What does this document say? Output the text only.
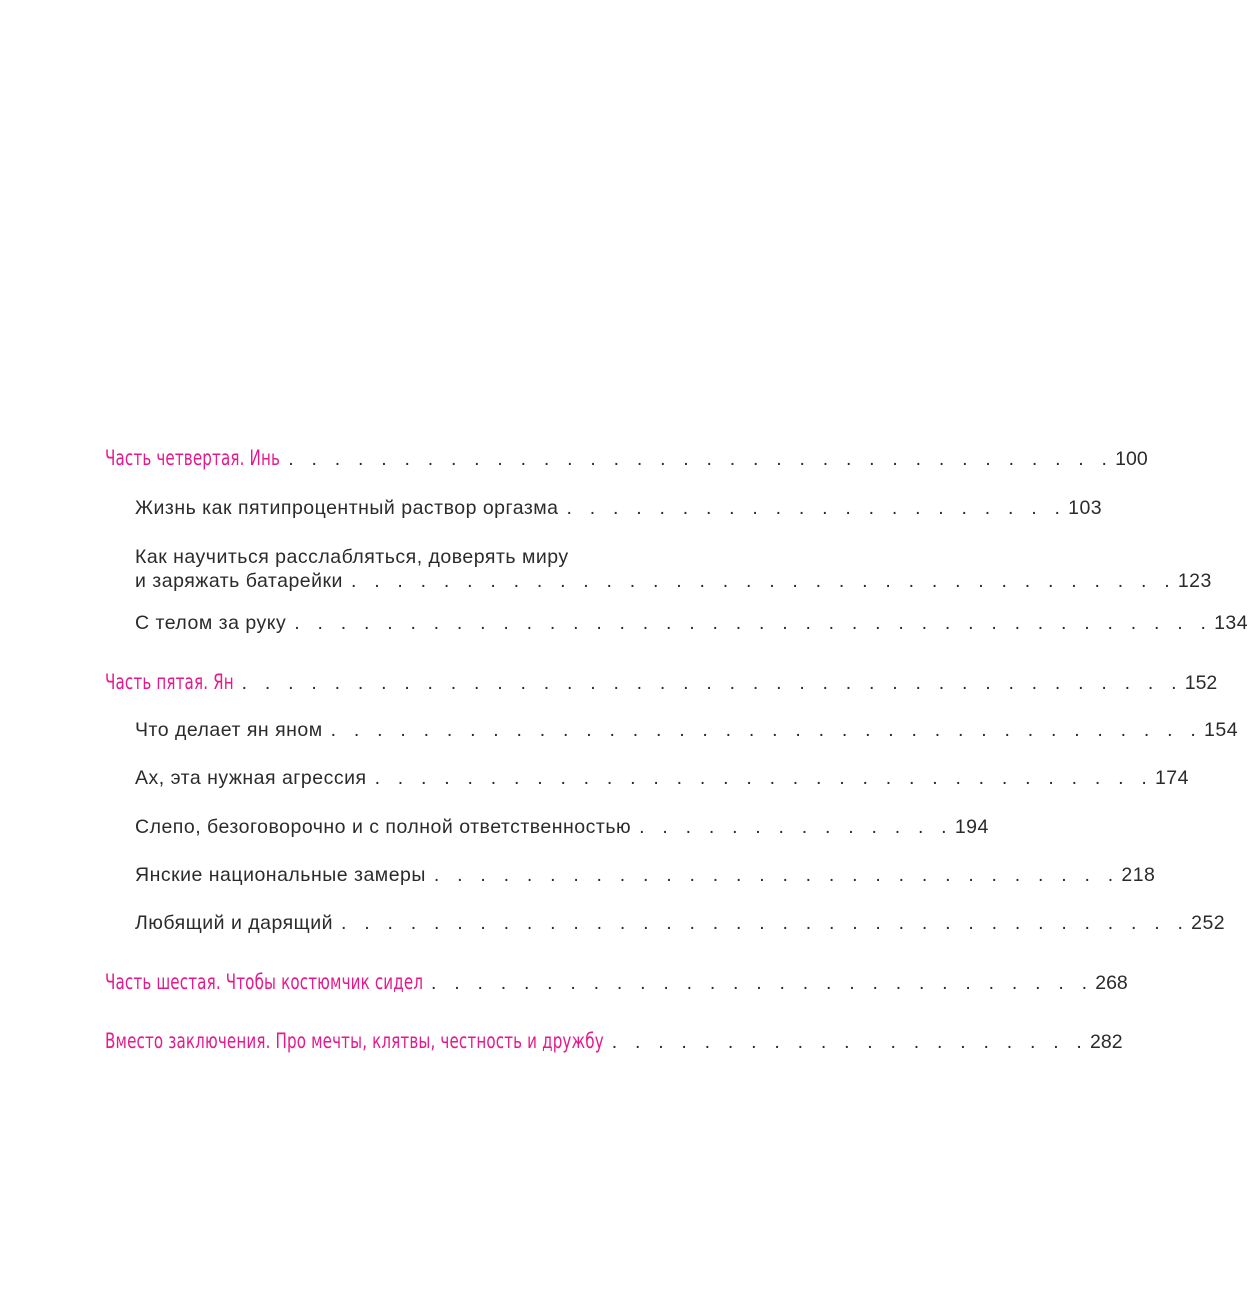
Часть четвертая. Инь . . . . . . . . . . . . . . . . . . . . . . . . . . . . . . . . . . . . 100
Жизнь как пятипроцентный раствор оргазма . . . . . . . . . . . . . . . . . . . . . . 103
Как научиться расслабляться, доверять миру
и заряжать батарейки . . . . . . . . . . . . . . . . . . . . . . . . . . . . . . . . . . . . 123
С телом за руку . . . . . . . . . . . . . . . . . . . . . . . . . . . . . . . . . . . . . . . . 134
Часть пятая. Ян . . . . . . . . . . . . . . . . . . . . . . . . . . . . . . . . . . . . . . . . . 152
Что делает ян яном . . . . . . . . . . . . . . . . . . . . . . . . . . . . . . . . . . . . . . 154
Ах, эта нужная агрессия . . . . . . . . . . . . . . . . . . . . . . . . . . . . . . . . . . 174
Слепо, безоговорочно и с полной ответственностью . . . . . . . . . . . . . . 194
Янские национальные замеры . . . . . . . . . . . . . . . . . . . . . . . . . . . . . . 218
Любящий и дарящий . . . . . . . . . . . . . . . . . . . . . . . . . . . . . . . . . . . . . 252
Часть шестая. Чтобы костюмчик сидел . . . . . . . . . . . . . . . . . . . . . . . . . . . . . 268
Вместо заключения. Про мечты, клятвы, честность и дружбу . . . . . . . . . . . . . . . . . . . . . 282
